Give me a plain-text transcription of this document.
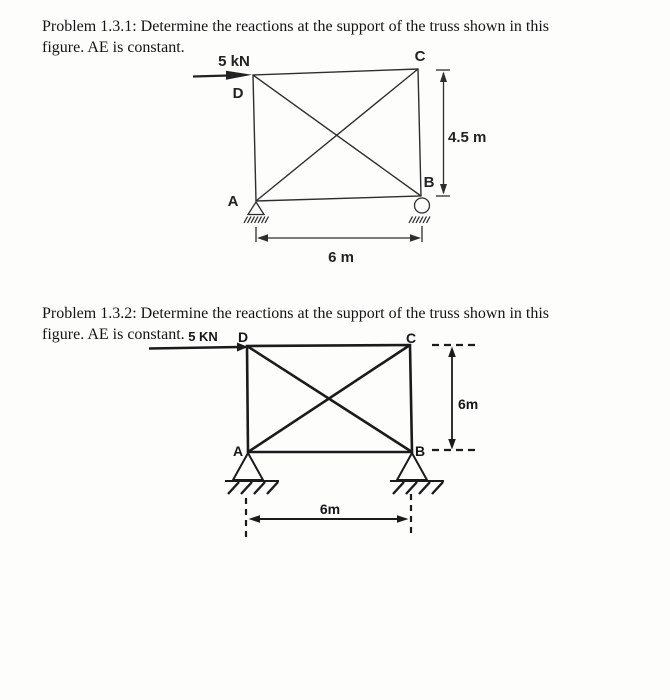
Problem 1.3.1: Determine the reactions at the support of the truss shown in this
figure. AE is constant.

5 kN
D
C
A
B
4.5 m
6 m

Problem 1.3.2: Determine the reactions at the support of the truss shown in this
figure. AE is constant. 5 KN D	C
A	B
6m
6m
